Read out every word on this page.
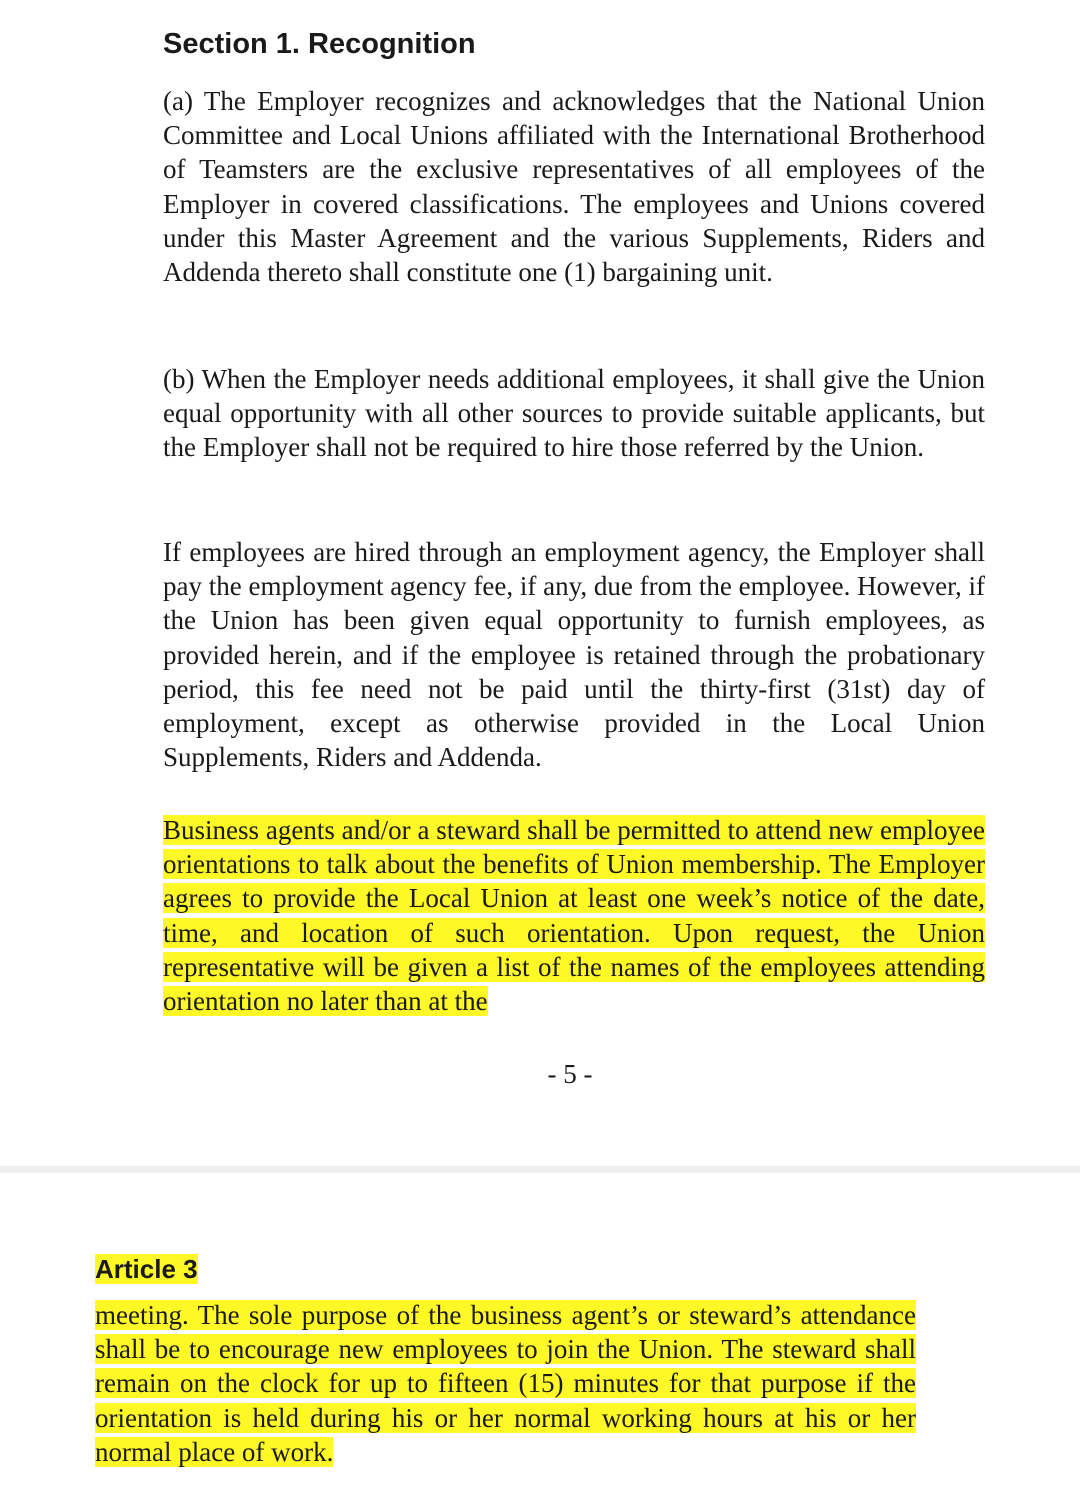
Section 1. Recognition

(a) The Employer recognizes and acknowledges that the National Union Committee and Local Unions affiliated with the International Brotherhood of Teamsters are the exclusive representatives of all employees of the Employer in covered classifications. The employees and Unions covered under this Master Agreement and the various Supplements, Riders and Addenda thereto shall constitute one (1) bargaining unit.

(b) When the Employer needs additional employees, it shall give the Union equal opportunity with all other sources to provide suitable applicants, but the Employer shall not be required to hire those referred by the Union.

If employees are hired through an employment agency, the Employer shall pay the employment agency fee, if any, due from the employee. However, if the Union has been given equal opportunity to furnish employees, as provided herein, and if the employee is retained through the probationary period, this fee need not be paid until the thirty-first (31st) day of employment, except as otherwise provided in the Local Union Supplements, Riders and Addenda.

Business agents and/or a steward shall be permitted to attend new employee orientations to talk about the benefits of Union membership. The Employer agrees to provide the Local Union at least one week’s notice of the date, time, and location of such orientation. Upon request, the Union representative will be given a list of the names of the employees attending orientation no later than at the

- 5 -

Article 3

meeting. The sole purpose of the business agent’s or steward’s attendance shall be to encourage new employees to join the Union. The steward shall remain on the clock for up to fifteen (15) minutes for that purpose if the orientation is held during his or her normal working hours at his or her normal place of work.
